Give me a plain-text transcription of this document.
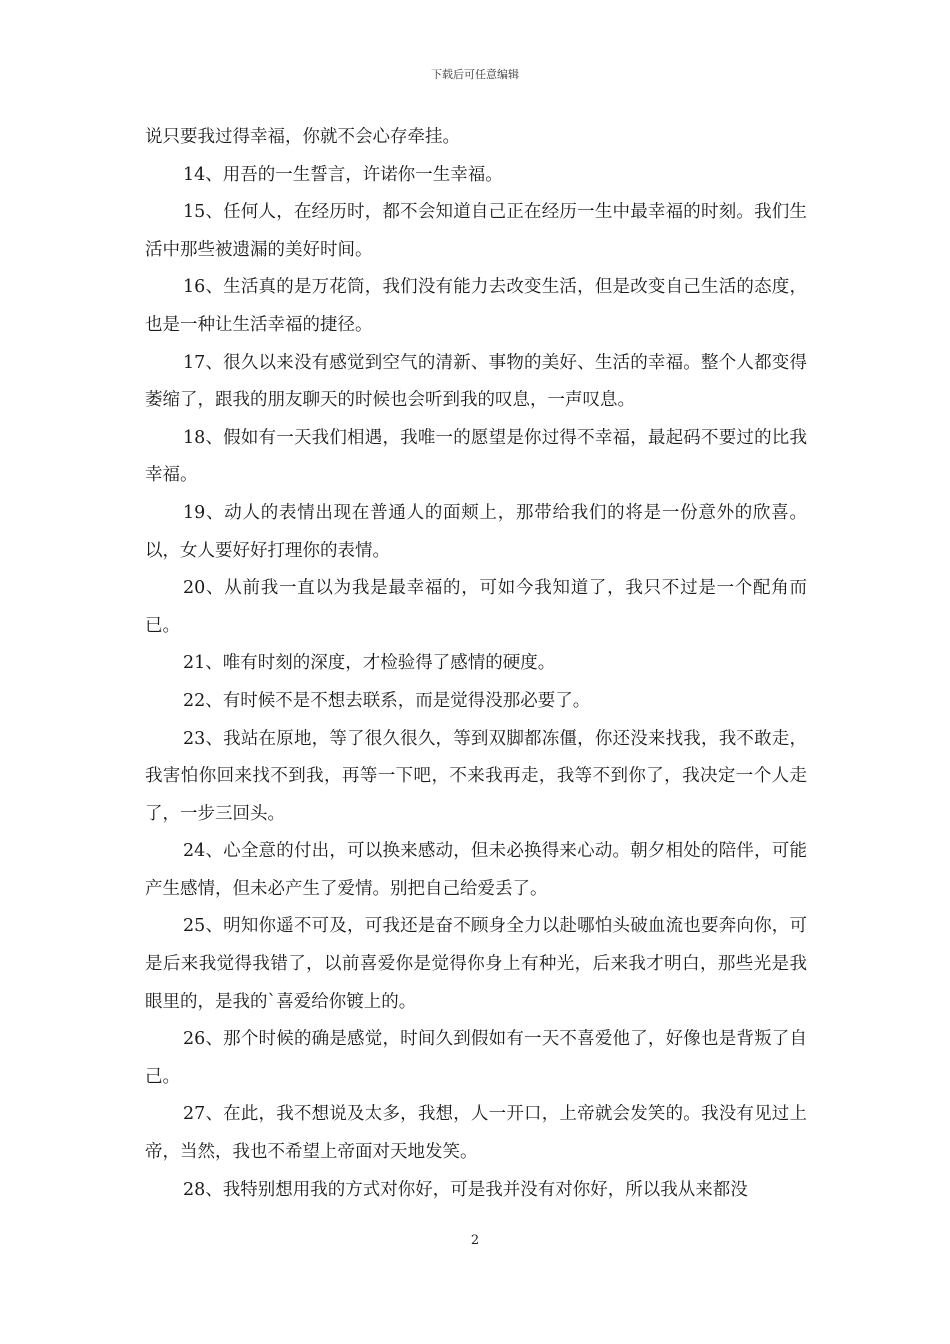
下载后可任意编辑

说只要我过得幸福，你就不会心存牵挂。

14、用吾的一生誓言，许诺你一生幸福。

15、任何人，在经历时，都不会知道自己正在经历一生中最幸福的时刻。我们生活中那些被遗漏的美好时间。

16、生活真的是万花筒，我们没有能力去改变生活，但是改变自己生活的态度，也是一种让生活幸福的捷径。

17、很久以来没有感觉到空气的清新、事物的美好、生活的幸福。整个人都变得萎缩了，跟我的朋友聊天的时候也会听到我的叹息，一声叹息。

18、假如有一天我们相遇，我唯一的愿望是你过得不幸福，最起码不要过的比我幸福。

19、动人的表情出现在普通人的面颊上，那带给我们的将是一份意外的欣喜。以，女人要好好打理你的表情。

20、从前我一直以为我是最幸福的，可如今我知道了，我只不过是一个配角而已。

21、唯有时刻的深度，才检验得了感情的硬度。

22、有时候不是不想去联系，而是觉得没那必要了。

23、我站在原地，等了很久很久，等到双脚都冻僵，你还没来找我，我不敢走，我害怕你回来找不到我，再等一下吧，不来我再走，我等不到你了，我决定一个人走了，一步三回头。

24、心全意的付出，可以换来感动，但未必换得来心动。朝夕相处的陪伴，可能产生感情，但未必产生了爱情。别把自己给爱丢了。

25、明知你遥不可及，可我还是奋不顾身全力以赴哪怕头破血流也要奔向你，可是后来我觉得我错了，以前喜爱你是觉得你身上有种光，后来我才明白，那些光是我眼里的，是我的`喜爱给你镀上的。

26、那个时候的确是感觉，时间久到假如有一天不喜爱他了，好像也是背叛了自己。

27、在此，我不想说及太多，我想，人一开口，上帝就会发笑的。我没有见过上帝，当然，我也不希望上帝面对天地发笑。

28、我特别想用我的方式对你好，可是我并没有对你好，所以我从来都没

2
